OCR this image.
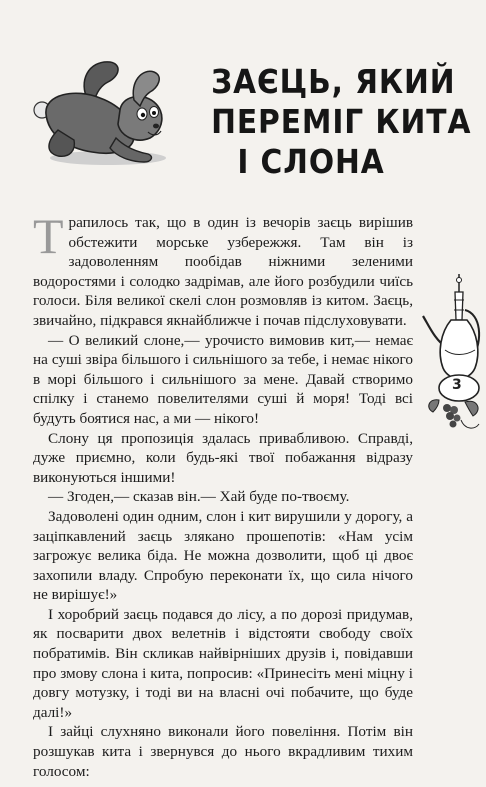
ЗАЄЦЬ, ЯКИЙ
ПЕРЕМІГ КИТА
І СЛОНА
3

Трапилось так, що в один із вечорів заєць вирішив обстежити морське узбережжя. Там він із задоволенням пообідав ніжними зеленими водоростями і солодко задрімав, але його розбудили чиїсь голоси. Біля великої скелі слон розмовляв із китом. Заєць, звичайно, підкрався якнайближче і почав підслуховувати.

— О великий слоне,— урочисто вимовив кит,— немає на суші звіра більшого і сильнішого за тебе, і немає нікого в морі більшого і сильнішого за мене. Давай створимо спілку і станемо повелителями суші й моря! Тоді всі будуть боятися нас, а ми — нікого!

Слону ця пропозиція здалась привабливою. Справді, дуже приємно, коли будь-які твої побажання відразу виконуються іншими!

— Згоден,— сказав він.— Хай буде по-твоєму.

Задоволені один одним, слон і кит вирушили у дорогу, а заціпкавлений заєць злякано прошепотів: «Нам усім загрожує велика біда. Не можна дозволити, щоб ці двоє захопили владу. Спробую переконати їх, що сила нічого не вирішує!»

І хоробрий заєць подався до лісу, а по дорозі придумав, як посварити двох велетнів і відстояти свободу своїх побратимів. Він скликав найвірніших друзів і, повідавши про змову слона і кита, попросив: «Принесіть мені міцну і довгу мотузку, і тоді ви на власні очі побачите, що буде далі!»

І зайці слухняно виконали його повеління. Потім він розшукав кита і звернувся до нього вкрадливим тихим голосом:
